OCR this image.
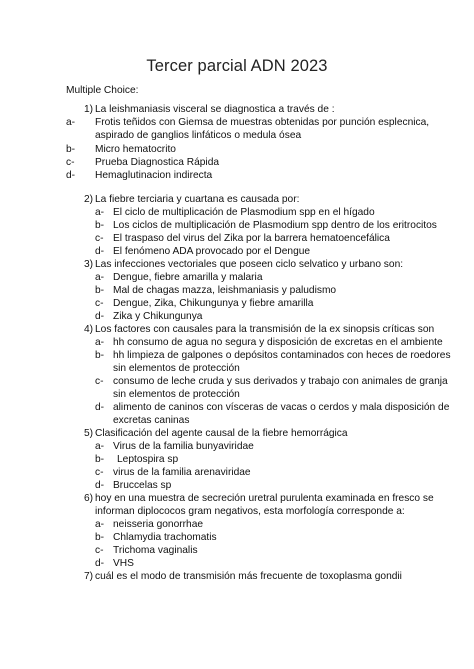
Tercer parcial ADN 2023
Multiple Choice:
1) La leishmaniasis visceral se diagnostica a través de :
a- Frotis teñidos con Giemsa de muestras obtenidas por punción esplecnica,
aspirado de ganglios linfáticos o medula ósea
b- Micro hematocrito
c- Prueba Diagnostica Rápida
d- Hemaglutinacion indirecta
2) La fiebre terciaria y cuartana es causada por:
a- El ciclo de multiplicación de Plasmodium spp en el hígado
b- Los ciclos de multiplicación de Plasmodium spp dentro de los eritrocitos
c- El traspaso del virus del Zika por la barrera hematoencefálica
d- El fenómeno ADA provocado por el Dengue
3) Las infecciones vectoriales que poseen ciclo selvatico y urbano son:
a- Dengue, fiebre amarilla y malaria
b- Mal de chagas mazza, leishmaniasis y paludismo
c- Dengue, Zika, Chikungunya y fiebre amarilla
d- Zika y Chikungunya
4) Los factores con causales para la transmisión de la ex sinopsis críticas son
a- hh consumo de agua no segura y disposición de excretas en el ambiente
b- hh limpieza de galpones o depósitos contaminados con heces de roedores
sin elementos de protección
c- consumo de leche cruda y sus derivados y trabajo con animales de granja
sin elementos de protección
d- alimento de caninos con vísceras de vacas o cerdos y mala disposición de
excretas caninas
5) Clasificación del agente causal de la fiebre hemorrágica
a- Virus de la familia bunyaviridae
b- Leptospira sp
c- virus de la familia arenaviridae
d- Bruccelas sp
6) hoy en una muestra de secreción uretral purulenta examinada en fresco se
informan diplococos gram negativos, esta morfología corresponde a:
a- neisseria gonorrhae
b- Chlamydia trachomatis
c- Trichoma vaginalis
d- VHS
7) cuál es el modo de transmisión más frecuente de toxoplasma gondii
